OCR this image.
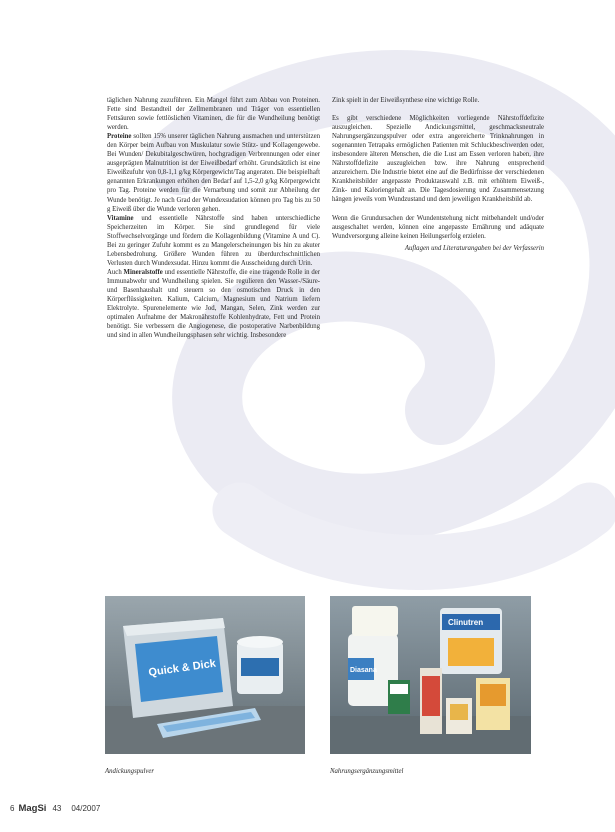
täglichen Nahrung zuzuführen. Ein Mangel führt zum Abbau von Proteinen. Fette sind Bestandteil der Zellmembranen und Träger von essentiellen Fettsäuren sowie fettlöslichen Vitaminen, die für die Wundheilung benötigt werden.

Proteine sollten 15% unserer täglichen Nahrung ausmachen und unterstützen den Körper beim Aufbau von Muskulatur sowie Stütz- und Kollagengewebe. Bei Wunden/ Dekubitalgeschwüren, hochgradigen Verbrennungen oder einer ausgeprägten Malnutrition ist der Eiweißbedarf erhöht. Grundsätzlich ist eine Eiweißzufuhr von 0,8-1,1 g/kg Körpergewicht/Tag angeraten. Die beispielhaft genannten Erkrankungen erhöhen den Bedarf auf 1,5-2,0 g/kg Körpergewicht pro Tag. Proteine werden für die Vernarbung und somit zur Abheilung der Wunde benötigt. Je nach Grad der Wundexsudation können pro Tag bis zu 50 g Eiweiß über die Wunde verloren gehen.

Vitamine und essentielle Nährstoffe sind haben unterschiedliche Speicherzeiten im Körper. Sie sind grundlegend für viele Stoffwechselvorgänge und fördern die Kollagenbildung (Vitamine A und C). Bei zu geringer Zufuhr kommt es zu Mangelerscheinungen bis hin zu akuter Lebensbedrohung. Größere Wunden führen zu überdurchschnittlichen Verlusten durch Wundexsudat. Hinzu kommt die Ausscheidung durch Urin.

Auch Mineralstoffe und essentielle Nährstoffe, die eine tragende Rolle in der Immunabwehr und Wundheilung spielen. Sie regulieren den Wasser-/Säure- und Basenhaushalt und steuern so den osmotischen Druck in den Körperflüssigkeiten. Kalium, Calcium, Magnesium und Natrium liefern Elektrolyte. Spurenelemente wie Jod, Mangan, Selen, Zink werden zur optimalen Aufnahme der Makronährstoffe Kohlenhydrate, Fett und Protein benötigt. Sie verbessern die Angiogenese, die postoperative Narbenbildung und sind in allen Wundheilungsphasen sehr wichtig. Insbesondere

Zink spielt in der Eiweißsynthese eine wichtige Rolle.

Es gibt verschiedene Möglichkeiten vorliegende Nährstoffdefizite auszugleichen. Spezielle Andickungsmittel, geschmacksneutrale Nahrungsergänzungspulver oder extra angereicherte Trinknahrungen in sogenannten Tetrapaks ermöglichen Patienten mit Schluckbeschwerden oder, insbesondere älteren Menschen, die die Lust am Essen verloren haben, ihre Nährstoffdefizite auszugleichen bzw. ihre Nahrung entsprechend anzureichern. Die Industrie bietet eine auf die Bedürfnisse der verschiedenen Krankheitsbilder angepasste Produktauswahl z.B. mit erhöhtem Eiweiß-, Zink- und Kaloriengehalt an. Die Tagesdosierung und Zusammensetzung hängen jeweils vom Wundzustand und dem jeweiligen Krankheitsbild ab.

Wenn die Grundursachen der Wundentstehung nicht mitbehandelt und/oder ausgeschaltet werden, können eine angepasste Ernährung und adäquate Wundversorgung alleine keinen Heilungserfolg erzielen.

Auflagen und Literaturangaben bei der Verfasserin

Quick & Dick	Diasana
Clinutren
Andickungspulver	Nahrungsergänzungsmittel
6 MagSi 43 04/2007
